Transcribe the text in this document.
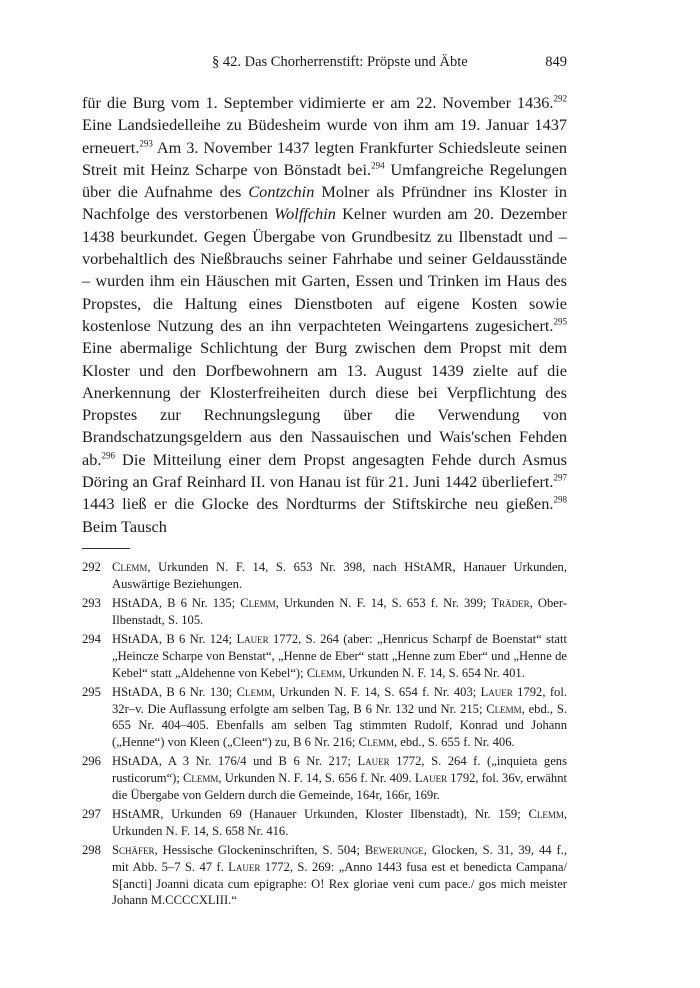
§ 42. Das Chorherrenstift: Pröpste und Äbte	849
für die Burg vom 1. September vidimierte er am 22. November 1436.$^{292}$ Eine Landsiedelleihe zu Büdesheim wurde von ihm am 19. Januar 1437 erneuert.$^{293}$ Am 3. November 1437 legten Frankfurter Schiedsleute seinen Streit mit Heinz Scharpe von Bönstadt bei.$^{294}$ Umfangreiche Regelungen über die Aufnahme des Contzchin Molner als Pfründner ins Kloster in Nachfolge des verstorbenen Wolffchin Kelner wurden am 20. Dezember 1438 beurkundet. Gegen Übergabe von Grundbesitz zu Ilbenstadt und – vorbehaltlich des Nießbrauchs seiner Fahrhabe und seiner Geldausstände – wurden ihm ein Häuschen mit Garten, Essen und Trinken im Haus des Propstes, die Haltung eines Dienstboten auf eigene Kosten sowie kostenlose Nutzung des an ihn verpachteten Weingartens zugesichert.$^{295}$ Eine abermalige Schlichtung der Burg zwischen dem Propst mit dem Kloster und den Dorfbewohnern am 13. August 1439 zielte auf die Anerkennung der Klosterfreiheiten durch diese bei Verpflichtung des Propstes zur Rechnungslegung über die Verwendung von Brandschatzungsgeldern aus den Nassauischen und Wais'schen Fehden ab.$^{296}$ Die Mitteilung einer dem Propst angesagten Fehde durch Asmus Döring an Graf Reinhard II. von Hanau ist für 21. Juni 1442 überliefert.$^{297}$ 1443 ließ er die Glocke des Nordturms der Stiftskirche neu gießen.$^{298}$ Beim Tausch
292 Clemm, Urkunden N. F. 14, S. 653 Nr. 398, nach HStAMR, Hanauer Urkunden, Auswärtige Beziehungen.
293 HStADA, B 6 Nr. 135; Clemm, Urkunden N. F. 14, S. 653 f. Nr. 399; Träder, Ober-Ilbenstadt, S. 105.
294 HStADA, B 6 Nr. 124; Lauer 1772, S. 264 (aber: „Henricus Scharpf de Boenstat“ statt „Heincze Scharpe von Benstat“, „Henne de Eber“ statt „Henne zum Eber“ und „Henne de Kebel“ statt „Aldehenne von Kebel“); Clemm, Urkunden N. F. 14, S. 654 Nr. 401.
295 HStADA, B 6 Nr. 130; Clemm, Urkunden N. F. 14, S. 654 f. Nr. 403; Lauer 1792, fol. 32r–v. Die Auflassung erfolgte am selben Tag, B 6 Nr. 132 und Nr. 215; Clemm, ebd., S. 655 Nr. 404–405. Ebenfalls am selben Tag stimmten Rudolf, Konrad und Johann („Henne“) von Kleen („Cleen“) zu, B 6 Nr. 216; Clemm, ebd., S. 655 f. Nr. 406.
296 HStADA, A 3 Nr. 176/4 und B 6 Nr. 217; Lauer 1772, S. 264 f. („inquieta gens rusticorum“); Clemm, Urkunden N. F. 14, S. 656 f. Nr. 409. Lauer 1792, fol. 36v, erwähnt die Übergabe von Geldern durch die Gemeinde, 164r, 166r, 169r.
297 HStAMR, Urkunden 69 (Hanauer Urkunden, Kloster Ilbenstadt), Nr. 159; Clemm, Urkunden N. F. 14, S. 658 Nr. 416.
298 Schäfer, Hessische Glockeninschriften, S. 504; Bewerunge, Glocken, S. 31, 39, 44 f., mit Abb. 5–7 S. 47 f. Lauer 1772, S. 269: „Anno 1443 fusa est et benedicta Campana/ S[ancti] Joanni dicata cum epigraphe: O! Rex gloriae veni cum pace./ gos mich meister Johann M.CCCCXLIII.“
